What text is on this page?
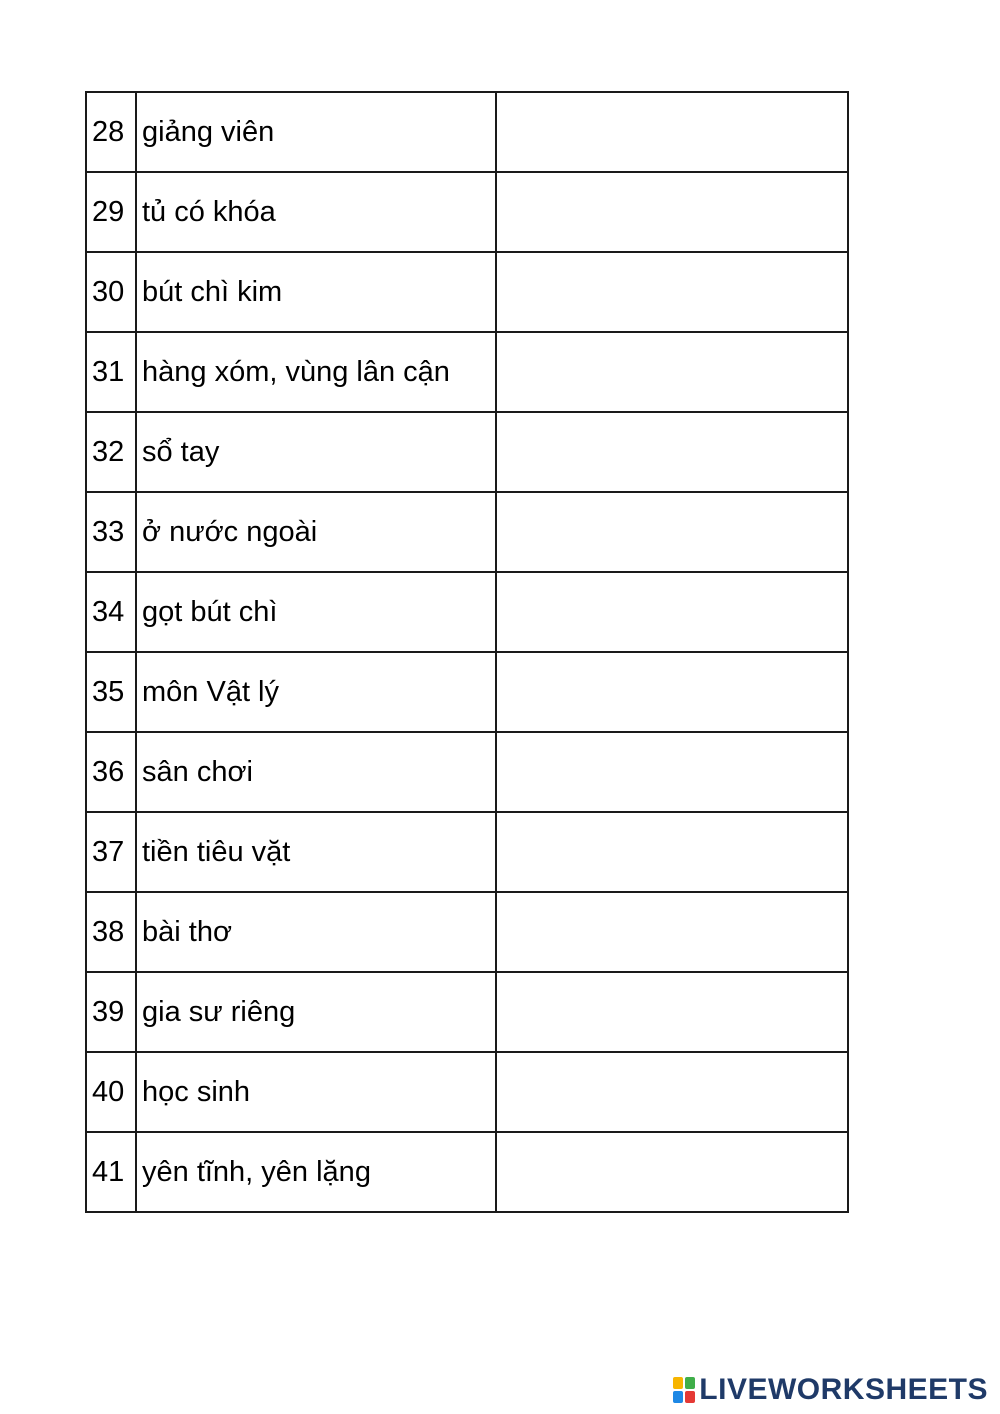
28	giảng viên	
29	tủ có khóa	
30	bút chì kim	
31	hàng xóm, vùng lân cận	
32	sổ tay	
33	ở nước ngoài	
34	gọt bút chì	
35	môn Vật lý	
36	sân chơi	
37	tiền tiêu vặt	
38	bài thơ	
39	gia sư riêng	
40	học sinh	
41	yên tĩnh, yên lặng	
LIVEWORKSHEETS
